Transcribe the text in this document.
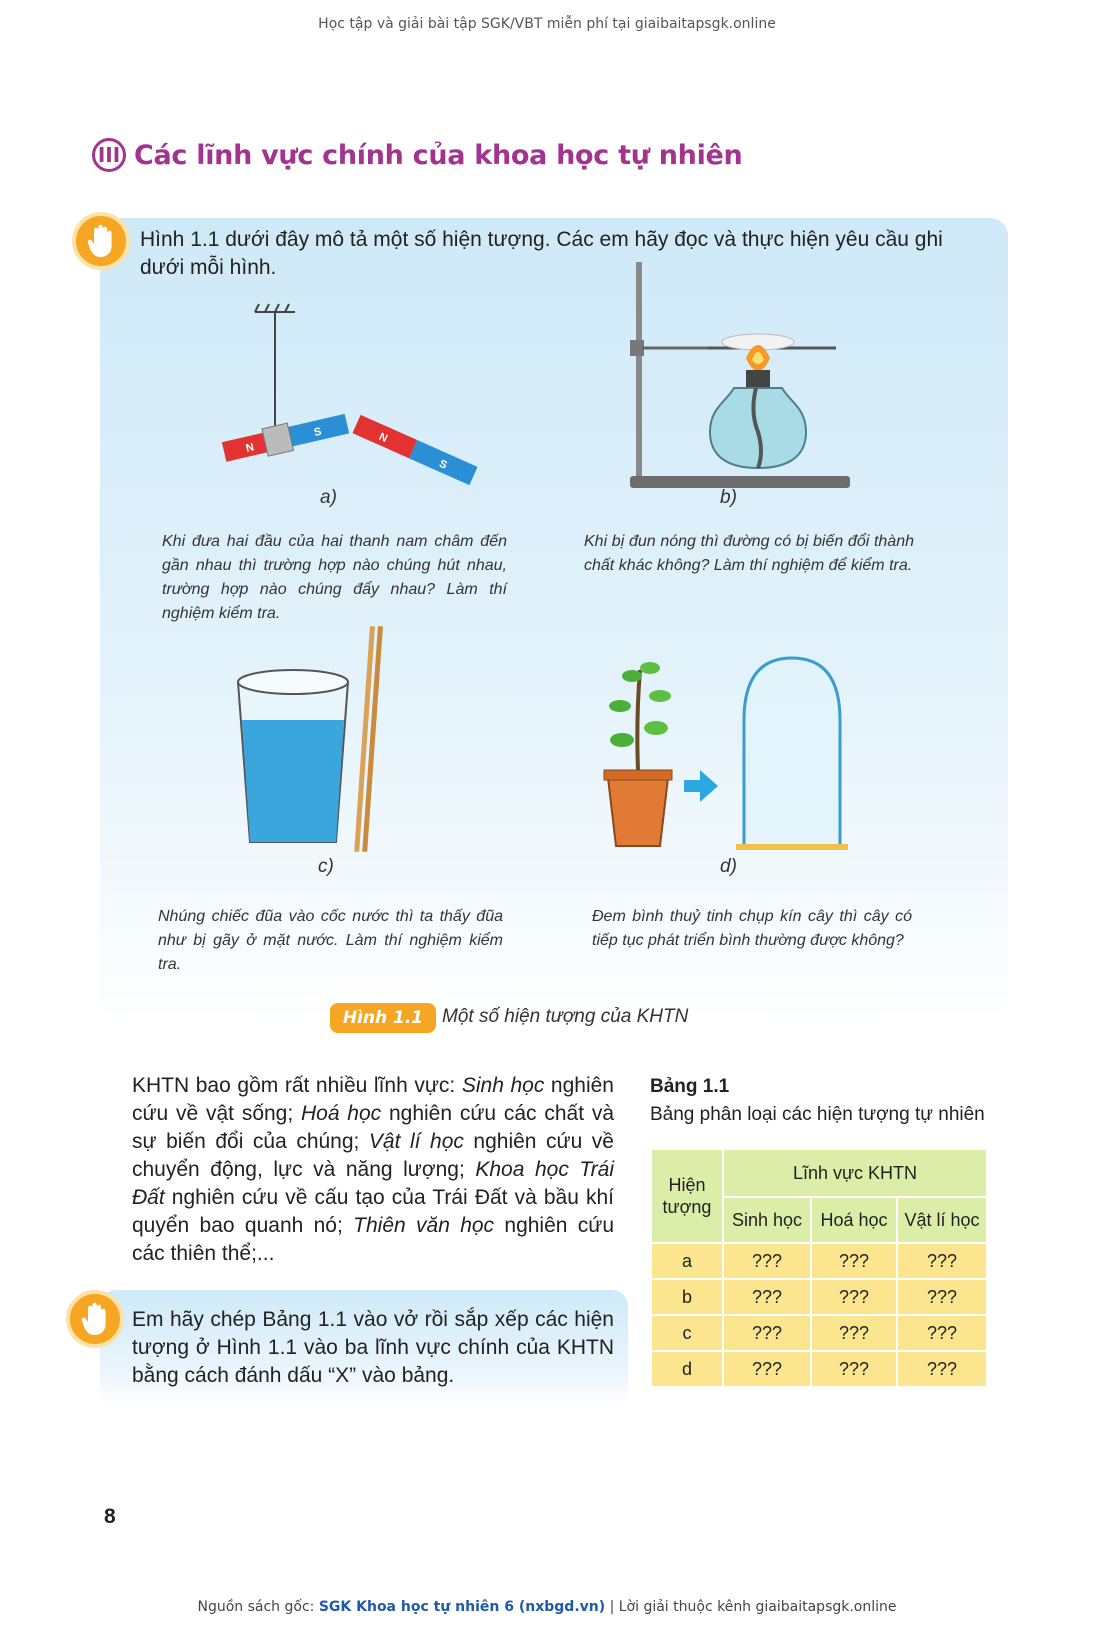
Học tập và giải bài tập SGK/VBT miễn phí tại giaibaitapsgk.online
III Các lĩnh vực chính của khoa học tự nhiên
Hình 1.1 dưới đây mô tả một số hiện tượng. Các em hãy đọc và thực hiện yêu cầu ghi dưới mỗi hình.
N
S	N
S
a)
Khi đưa hai đầu của hai thanh nam châm đến gần nhau thì trường hợp nào chúng hút nhau, trường hợp nào chúng đẩy nhau? Làm thí nghiệm kiểm tra.
b)
Khi bị đun nóng thì đường có bị biến đổi thành chất khác không? Làm thí nghiệm để kiểm tra.
c)
Nhúng chiếc đũa vào cốc nước thì ta thấy đũa như bị gãy ở mặt nước. Làm thí nghiệm kiểm tra.
d)
Đem bình thuỷ tinh chụp kín cây thì cây có tiếp tục phát triển bình thường được không?
Hình 1.1 Một số hiện tượng của KHTN
KHTN bao gồm rất nhiều lĩnh vực: Sinh học nghiên cứu về vật sống; Hoá học nghiên cứu các chất và sự biến đổi của chúng; Vật lí học nghiên cứu về chuyển động, lực và năng lượng; Khoa học Trái Đất nghiên cứu về cấu tạo của Trái Đất và bầu khí quyển bao quanh nó; Thiên văn học nghiên cứu các thiên thể;...
Em hãy chép Bảng 1.1 vào vở rồi sắp xếp các hiện tượng ở Hình 1.1 vào ba lĩnh vực chính của KHTN bằng cách đánh dấu “X” vào bảng.
Bảng 1.1
Bảng phân loại các hiện tượng tự nhiên
Hiện tượng	Lĩnh vực KHTN		
	Sinh học	Hoá học	Vật lí học
a	???	???	???
b	???	???	???
c	???	???	???
d	???	???	???
8
Nguồn sách gốc: SGK Khoa học tự nhiên 6 (nxbgd.vn) | Lời giải thuộc kênh giaibaitapsgk.online
